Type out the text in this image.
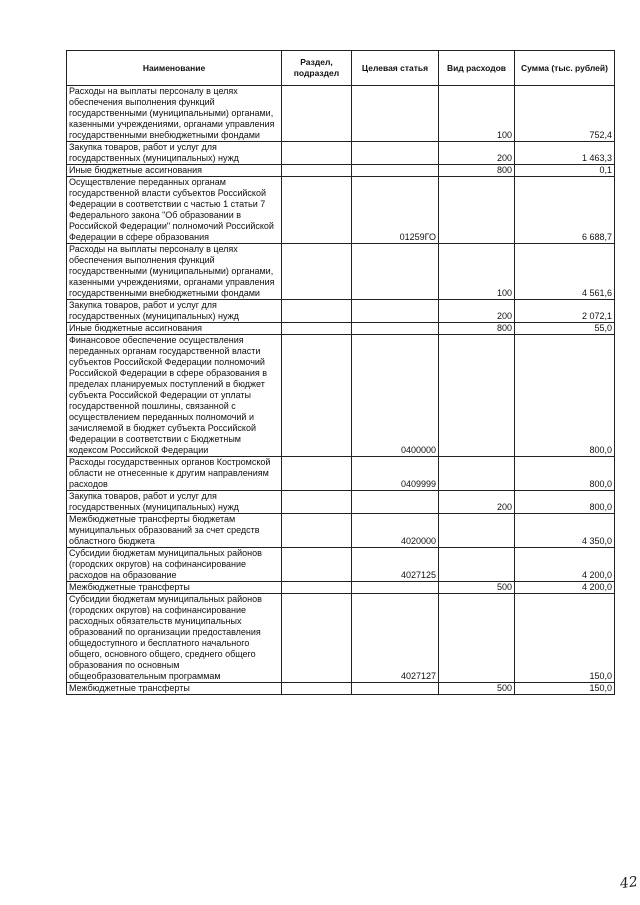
Наименование	Раздел, подраздел	Целевая статья	Вид расходов	Сумма (тыс. рублей)
Расходы на выплаты персоналу в целях обеспечения выполнения функций государственными (муниципальными) органами, казенными учреждениями, органами управления государственными внебюджетными фондами			100	752,4
Закупка товаров, работ и услуг для государственных (муниципальных) нужд			200	1 463,3
Иные бюджетные ассигнования			800	0,1
Осуществление переданных органам государственной власти субъектов Российской Федерации в соответствии с частью 1 статьи 7 Федерального закона "Об образовании в Российской Федерации" полномочий Российской Федерации в сфере образования		01259ГО		6 688,7
Расходы на выплаты персоналу в целях обеспечения выполнения функций государственными (муниципальными) органами, казенными учреждениями, органами управления государственными внебюджетными фондами			100	4 561,6
Закупка товаров, работ и услуг для государственных (муниципальных) нужд			200	2 072,1
Иные бюджетные ассигнования			800	55,0
Финансовое обеспечение осуществления переданных органам государственной власти субъектов Российской Федерации полномочий Российской Федерации в сфере образования в пределах планируемых поступлений в бюджет субъекта Российской Федерации от уплаты государственной пошлины, связанной с осуществлением переданных полномочий и зачисляемой в бюджет субъекта Российской Федерации в соответствии с Бюджетным кодексом Российской Федерации		0400000		800,0
Расходы государственных органов Костромской области не отнесенные к другим направлениям расходов		0409999		800,0
Закупка товаров, работ и услуг для государственных (муниципальных) нужд			200	800,0
Межбюджетные трансферты бюджетам муниципальных образований за счет средств областного бюджета		4020000		4 350,0
Субсидии бюджетам муниципальных районов (городских округов) на софинансирование расходов на образование		4027125		4 200,0
Межбюджетные трансферты			500	4 200,0
Субсидии бюджетам муниципальных районов (городских округов) на софинансирование расходных обязательств муниципальных образований по организации предоставления общедоступного и бесплатного начального общего, основного общего, среднего общего образования по основным общеобразовательным программам		4027127		150,0
Межбюджетные трансферты			500	150,0
42
